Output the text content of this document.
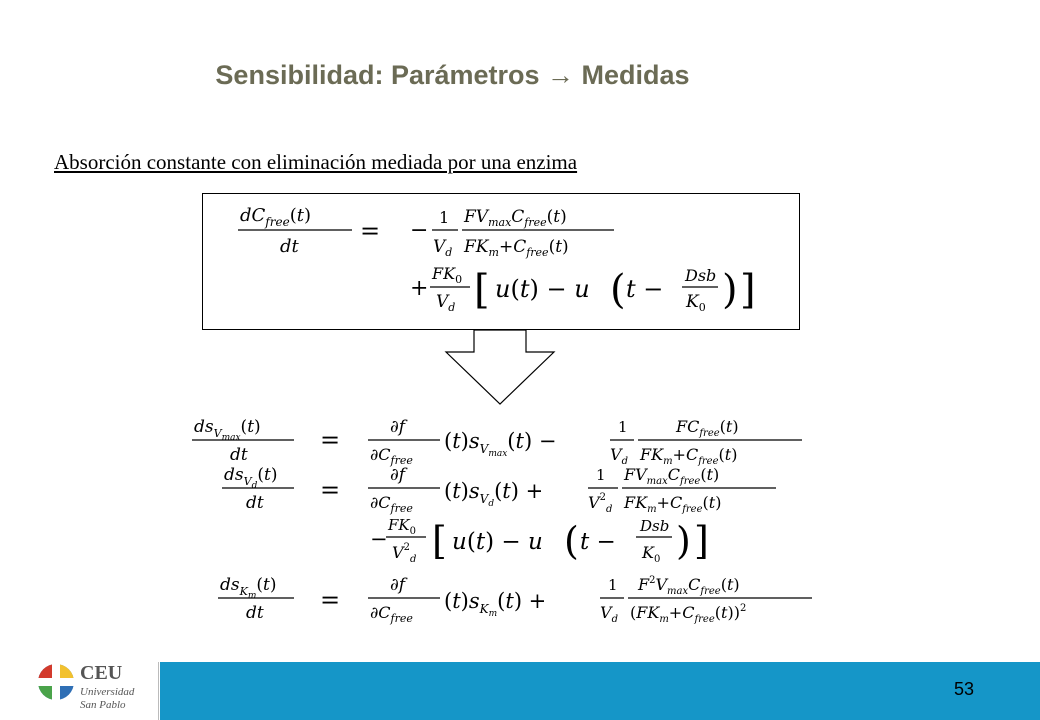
Sensibilidad: Parámetros → Medidas
Absorción constante con eliminación mediada por una enzima
$dC_{free}(t)$
dt
= −
1
$V_d$
$FV_{max}C_{free}(t)$
$FK_m+C_{free}(t)$
+
$FK_0$
$V_d$ [ u(t) − u ( t − Dsb
$K_0$ ) ]
$ds_V\max(t)$
dt
=	∂f
$\partial C_{free}$
$(t)s_V\max(t)$ −
1
$V_d$
$FC_{free}(t)$
$FK_m+C_{free}(t)$
$ds_Vd(t)$
dt =
∂f
$\partial C_{free}$
$(t)s_Vd(t)$ +
1
$V^2_d$
$FV_{max}C_{free}(t)$
$FK_m+C_{free}(t)$
−
$FK_0$
$V^2_d$ [ u(t) − u ( t −
Dsb
$K_0$ ) ]
$ds_Km(t)$
dt =
∂f
$\partial C_{free}$
$(t)s_Km(t)$ +
1
$V_d$
$F^2V_{max}C_{free}(t)$
$(FK_m+C_{free}(t))^2$
CEU
Universidad
San Pablo
53
